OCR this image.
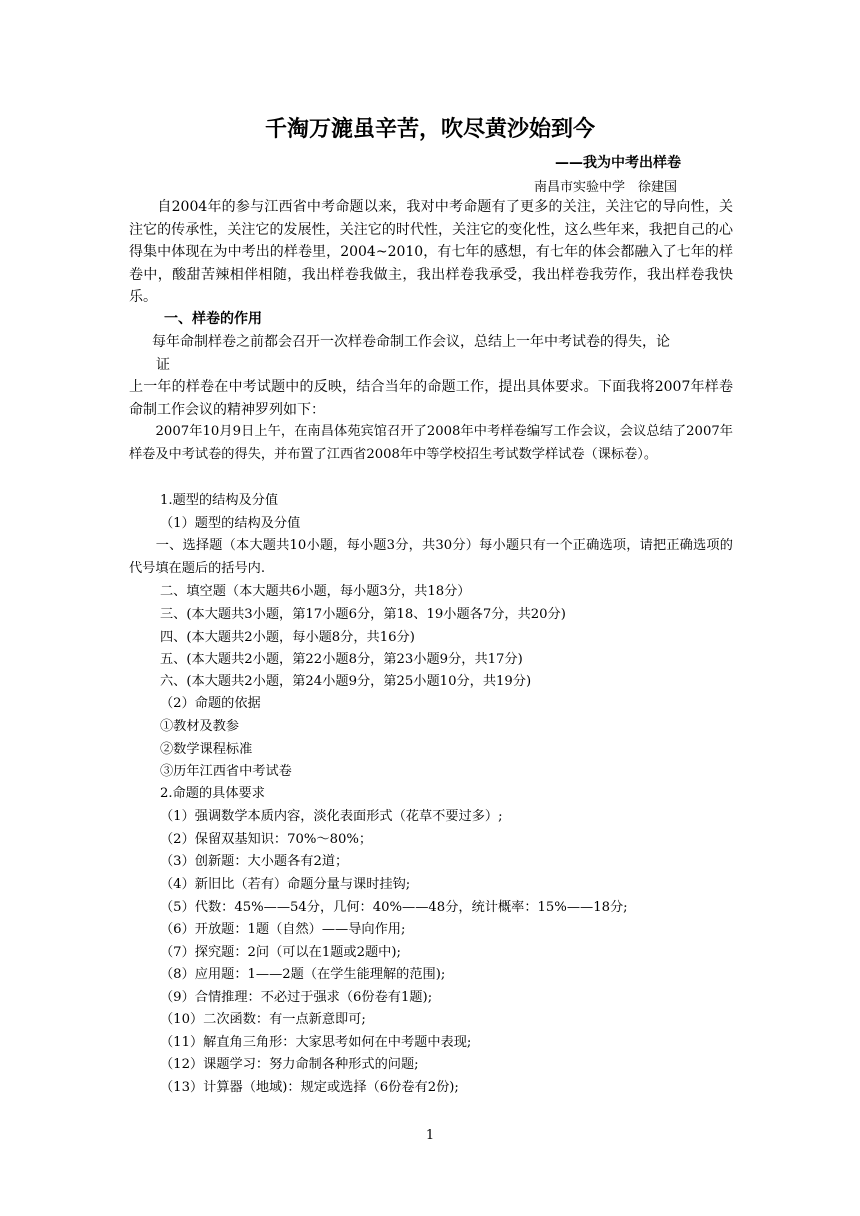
千淘万漉虽辛苦，吹尽黄沙始到今
——我为中考出样卷
南昌市实验中学　徐建国
　　自2004年的参与江西省中考命题以来，我对中考命题有了更多的关注，关注它的导向性，关注它的传承性，关注它的发展性，关注它的时代性，关注它的变化性，这么些年来，我把自己的心得集中体现在为中考出的样卷里，2004~2010，有七年的感想，有七年的体会都融入了七年的样卷中，酸甜苦辣相伴相随，我出样卷我做主，我出样卷我承受，我出样卷我劳作，我出样卷我快乐。
一、样卷的作用
每年命制样卷之前都会召开一次样卷命制工作会议，总结上一年中考试卷的得失，论
证
上一年的样卷在中考试题中的反映，结合当年的命题工作，提出具体要求。下面我将2007年样卷命制工作会议的精神罗列如下：
　　2007年10月9日上午，在南昌体苑宾馆召开了2008年中考样卷编写工作会议，会议总结了2007年样卷及中考试卷的得失，并布置了江西省2008年中等学校招生考试数学样试卷（课标卷）。
1.题型的结构及分值
（1）题型的结构及分值
　　一、选择题（本大题共10小题，每小题3分，共30分）每小题只有一个正确选项，请把正确选项的代号填在题后的括号内.
二、填空题（本大题共6小题，每小题3分，共18分）
三、(本大题共3小题，第17小题6分，第18、19小题各7分，共20分)
四、(本大题共2小题，每小题8分，共16分)
五、(本大题共2小题，第22小题8分，第23小题9分，共17分)
六、(本大题共2小题，第24小题9分，第25小题10分，共19分)
（2）命题的依据
①教材及教参
②数学课程标准
③历年江西省中考试卷
2.命题的具体要求
（1）强调数学本质内容，淡化表面形式（花草不要过多）;
（2）保留双基知识：70%～80%；
（3）创新题：大小题各有2道；
（4）新旧比（若有）命题分量与课时挂钩;
（5）代数：45%——54分，几何：40%——48分，统计概率：15%——18分;
（6）开放题：1题（自然）——导向作用;
（7）探究题：2问（可以在1题或2题中);
（8）应用题：1——2题（在学生能理解的范围);
（9）合情推理：不必过于强求（6份卷有1题);
（10）二次函数：有一点新意即可;
（11）解直角三角形：大家思考如何在中考题中表现;
（12）课题学习：努力命制各种形式的问题;
（13）计算器（地域)：规定或选择（6份卷有2份);
1
